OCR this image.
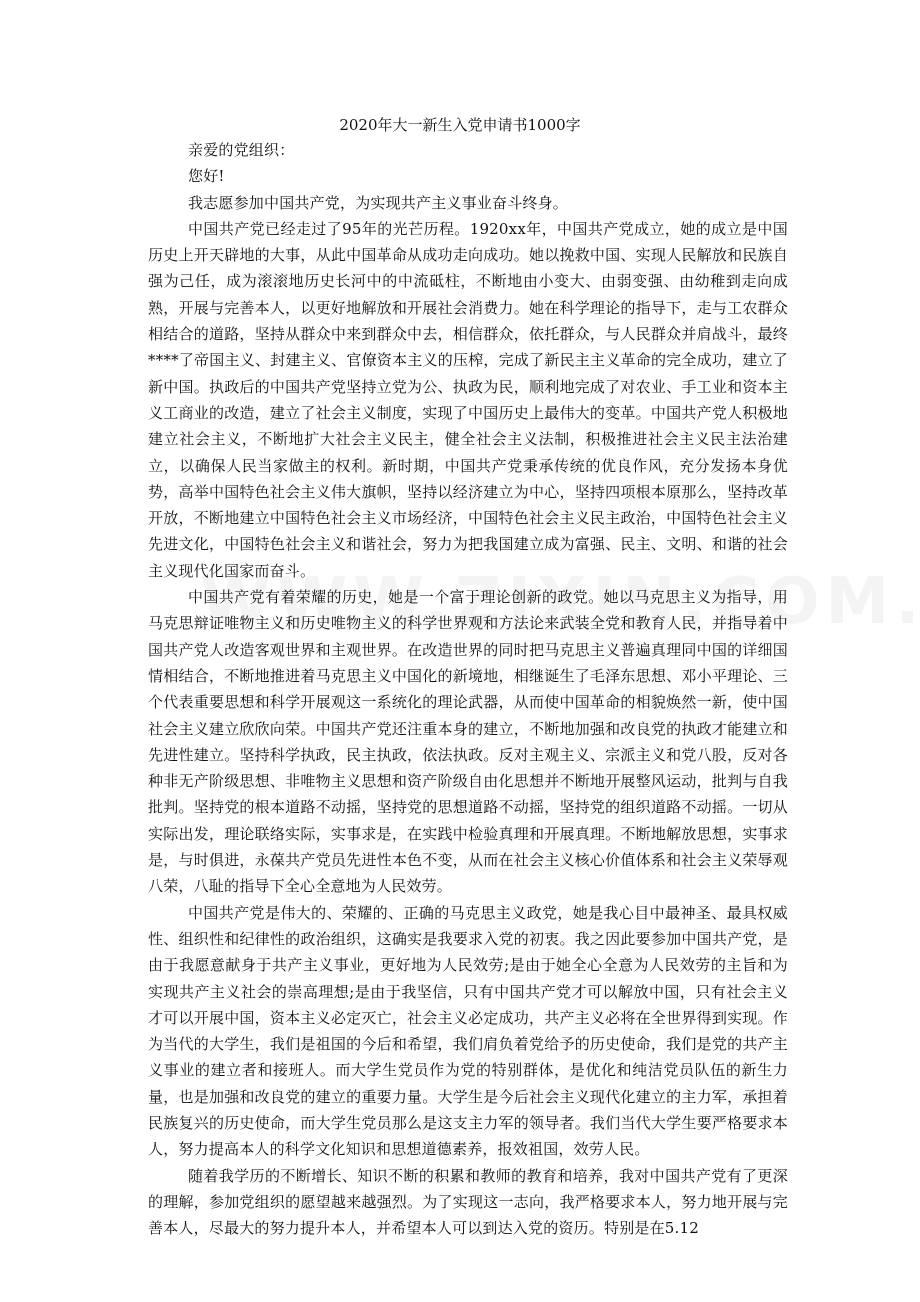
2020年大一新生入党申请书1000字

亲爱的党组织：

您好!

我志愿参加中国共产党，为实现共产主义事业奋斗终身。

中国共产党已经走过了95年的光芒历程。1920xx年，中国共产党成立，她的成立是中国历史上开天辟地的大事，从此中国革命从成功走向成功。她以挽救中国、实现人民解放和民族自强为己任，成为滚滚地历史长河中的中流砥柱，不断地由小变大、由弱变强、由幼稚到走向成熟，开展与完善本人，以更好地解放和开展社会消费力。她在科学理论的指导下，走与工农群众相结合的道路，坚持从群众中来到群众中去，相信群众，依托群众，与人民群众并肩战斗，最终****了帝国主义、封建主义、官僚资本主义的压榨，完成了新民主主义革命的完全成功，建立了新中国。执政后的中国共产党坚持立党为公、执政为民，顺利地完成了对农业、手工业和资本主义工商业的改造，建立了社会主义制度，实现了中国历史上最伟大的变革。中国共产党人积极地建立社会主义，不断地扩大社会主义民主，健全社会主义法制，积极推进社会主义民主法治建立，以确保人民当家做主的权利。新时期，中国共产党秉承传统的优良作风，充分发扬本身优势，高举中国特色社会主义伟大旗帜，坚持以经济建立为中心，坚持四项根本原那么，坚持改革开放，不断地建立中国特色社会主义市场经济，中国特色社会主义民主政治，中国特色社会主义先进文化，中国特色社会主义和谐社会，努力为把我国建立成为富强、民主、文明、和谐的社会主义现代化国家而奋斗。

中国共产党有着荣耀的历史，她是一个富于理论创新的政党。她以马克思主义为指导，用马克思辩证唯物主义和历史唯物主义的科学世界观和方法论来武装全党和教育人民，并指导着中国共产党人改造客观世界和主观世界。在改造世界的同时把马克思主义普遍真理同中国的详细国情相结合，不断地推进着马克思主义中国化的新境地，相继诞生了毛泽东思想、邓小平理论、三个代表重要思想和科学开展观这一系统化的理论武器，从而使中国革命的相貌焕然一新，使中国社会主义建立欣欣向荣。中国共产党还注重本身的建立，不断地加强和改良党的执政才能建立和先进性建立。坚持科学执政，民主执政，依法执政。反对主观主义、宗派主义和党八股，反对各种非无产阶级思想、非唯物主义思想和资产阶级自由化思想并不断地开展整风运动，批判与自我批判。坚持党的根本道路不动摇，坚持党的思想道路不动摇，坚持党的组织道路不动摇。一切从实际出发，理论联络实际，实事求是，在实践中检验真理和开展真理。不断地解放思想，实事求是，与时俱进，永葆共产党员先进性本色不变，从而在社会主义核心价值体系和社会主义荣辱观八荣，八耻的指导下全心全意地为人民效劳。

中国共产党是伟大的、荣耀的、正确的马克思主义政党，她是我心目中最神圣、最具权威性、组织性和纪律性的政治组织，这确实是我要求入党的初衷。我之因此要参加中国共产党，是由于我愿意献身于共产主义事业，更好地为人民效劳;是由于她全心全意为人民效劳的主旨和为实现共产主义社会的崇高理想;是由于我坚信，只有中国共产党才可以解放中国，只有社会主义才可以开展中国，资本主义必定灭亡，社会主义必定成功，共产主义必将在全世界得到实现。作为当代的大学生，我们是祖国的今后和希望，我们肩负着党给予的历史使命，我们是党的共产主义事业的建立者和接班人。而大学生党员作为党的特别群体，是优化和纯洁党员队伍的新生力量，也是加强和改良党的建立的重要力量。大学生是今后社会主义现代化建立的主力军，承担着民族复兴的历史使命，而大学生党员那么是这支主力军的领导者。我们当代大学生要严格要求本人，努力提高本人的科学文化知识和思想道德素养，报效祖国，效劳人民。

随着我学历的不断增长、知识不断的积累和教师的教育和培养，我对中国共产党有了更深的理解，参加党组织的愿望越来越强烈。为了实现这一志向，我严格要求本人，努力地开展与完善本人，尽最大的努力提升本人，并希望本人可以到达入党的资历。特别是在5.12
